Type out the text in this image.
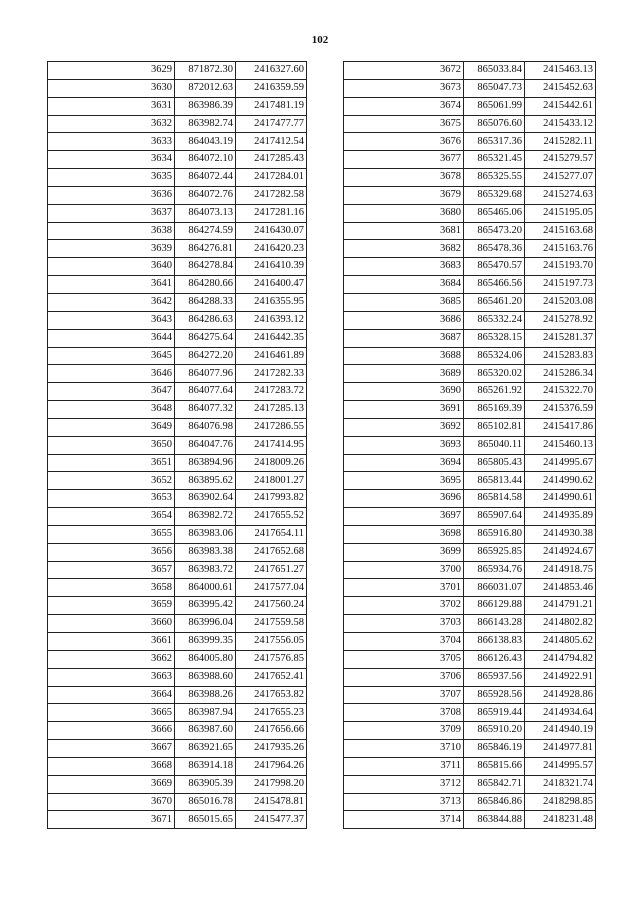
102
3629	871872.30	2416327.60
3630	872012.63	2416359.59
3631	863986.39	2417481.19
3632	863982.74	2417477.77
3633	864043.19	2417412.54
3634	864072.10	2417285.43
3635	864072.44	2417284.01
3636	864072.76	2417282.58
3637	864073.13	2417281.16
3638	864274.59	2416430.07
3639	864276.81	2416420.23
3640	864278.84	2416410.39
3641	864280.66	2416400.47
3642	864288.33	2416355.95
3643	864286.63	2416393.12
3644	864275.64	2416442.35
3645	864272.20	2416461.89
3646	864077.96	2417282.33
3647	864077.64	2417283.72
3648	864077.32	2417285.13
3649	864076.98	2417286.55
3650	864047.76	2417414.95
3651	863894.96	2418009.26
3652	863895.62	2418001.27
3653	863902.64	2417993.82
3654	863982.72	2417655.52
3655	863983.06	2417654.11
3656	863983.38	2417652.68
3657	863983.72	2417651.27
3658	864000.61	2417577.04
3659	863995.42	2417560.24
3660	863996.04	2417559.58
3661	863999.35	2417556.05
3662	864005.80	2417576.85
3663	863988.60	2417652.41
3664	863988.26	2417653.82
3665	863987.94	2417655.23
3666	863987.60	2417656.66
3667	863921.65	2417935.26
3668	863914.18	2417964.26
3669	863905.39	2417998.20
3670	865016.78	2415478.81
3671	865015.65	2415477.37
3672	865033.84	2415463.13
3673	865047.73	2415452.63
3674	865061.99	2415442.61
3675	865076.60	2415433.12
3676	865317.36	2415282.11
3677	865321.45	2415279.57
3678	865325.55	2415277.07
3679	865329.68	2415274.63
3680	865465.06	2415195.05
3681	865473.20	2415163.68
3682	865478.36	2415163.76
3683	865470.57	2415193.70
3684	865466.56	2415197.73
3685	865461.20	2415203.08
3686	865332.24	2415278.92
3687	865328.15	2415281.37
3688	865324.06	2415283.83
3689	865320.02	2415286.34
3690	865261.92	2415322.70
3691	865169.39	2415376.59
3692	865102.81	2415417.86
3693	865040.11	2415460.13
3694	865805.43	2414995.67
3695	865813.44	2414990.62
3696	865814.58	2414990.61
3697	865907.64	2414935.89
3698	865916.80	2414930.38
3699	865925.85	2414924.67
3700	865934.76	2414918.75
3701	866031.07	2414853.46
3702	866129.88	2414791.21
3703	866143.28	2414802.82
3704	866138.83	2414805.62
3705	866126.43	2414794.82
3706	865937.56	2414922.91
3707	865928.56	2414928.86
3708	865919.44	2414934.64
3709	865910.20	2414940.19
3710	865846.19	2414977.81
3711	865815.66	2414995.57
3712	865842.71	2418321.74
3713	865846.86	2418298.85
3714	863844.88	2418231.48
